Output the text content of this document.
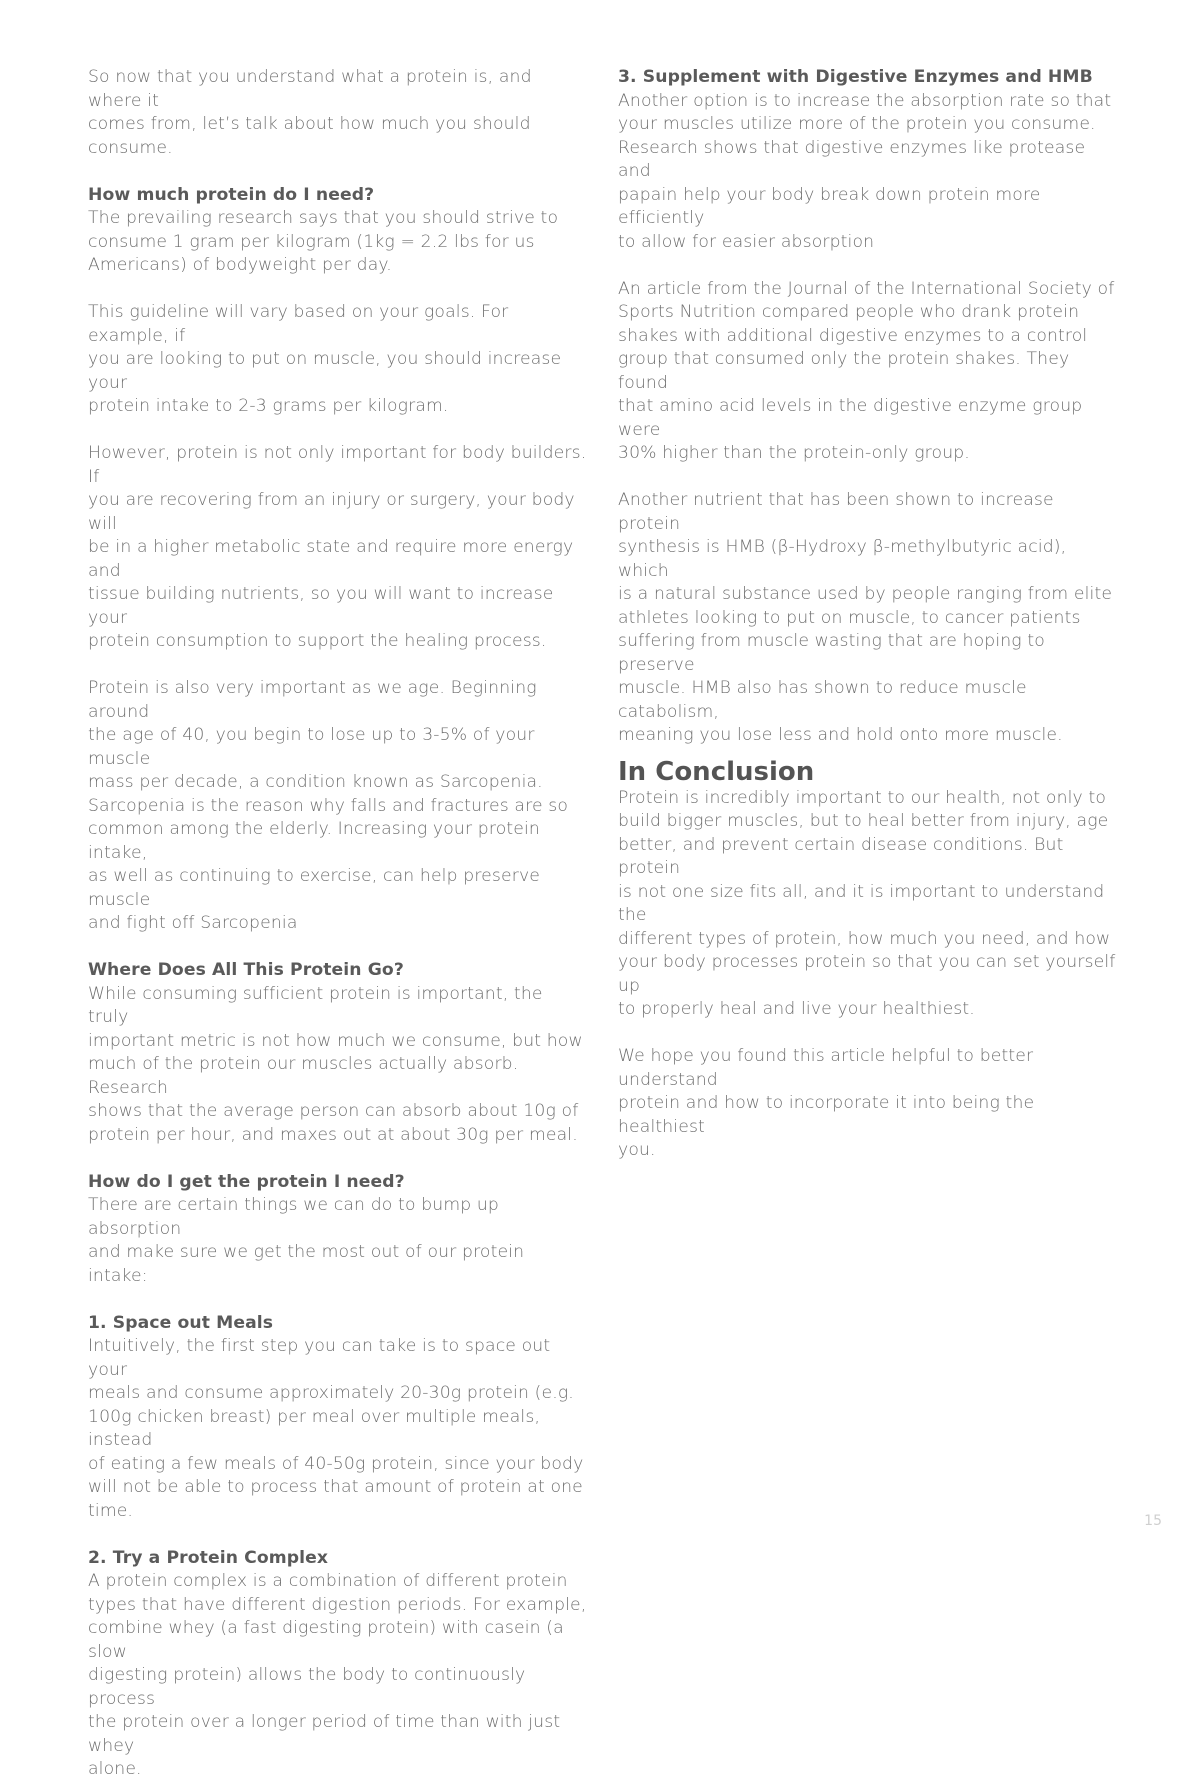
So now that you understand what a protein is, and where it
comes from, let’s talk about how much you should
consume.

How much protein do I need?

The prevailing research says that you should strive to
consume 1 gram per kilogram (1kg = 2.2 lbs for us
Americans) of bodyweight per day.

This guideline will vary based on your goals. For example, if
you are looking to put on muscle, you should increase your
protein intake to 2-3 grams per kilogram.

However, protein is not only important for body builders. If
you are recovering from an injury or surgery, your body will
be in a higher metabolic state and require more energy and
tissue building nutrients, so you will want to increase your
protein consumption to support the healing process.

Protein is also very important as we age. Beginning around
the age of 40, you begin to lose up to 3-5% of your muscle
mass per decade, a condition known as Sarcopenia.
Sarcopenia is the reason why falls and fractures are so
common among the elderly. Increasing your protein intake,
as well as continuing to exercise, can help preserve muscle
and fight off Sarcopenia

Where Does All This Protein Go?

While consuming sufficient protein is important, the truly
important metric is not how much we consume, but how
much of the protein our muscles actually absorb. Research
shows that the average person can absorb about 10g of
protein per hour, and maxes out at about 30g per meal.

How do I get the protein I need?

There are certain things we can do to bump up absorption
and make sure we get the most out of our protein intake:

1. Space out Meals

Intuitively, the first step you can take is to space out your
meals and consume approximately 20-30g protein (e.g.
100g chicken breast) per meal over multiple meals, instead
of eating a few meals of 40-50g protein, since your body
will not be able to process that amount of protein at one
time.

2. Try a Protein Complex

A protein complex is a combination of different protein
types that have different digestion periods. For example,
combine whey (a fast digesting protein) with casein (a slow
digesting protein) allows the body to continuously process
the protein over a longer period of time than with just whey
alone.

3. Supplement with Digestive Enzymes and HMB

Another option is to increase the absorption rate so that
your muscles utilize more of the protein you consume.
Research shows that digestive enzymes like protease and
papain help your body break down protein more efficiently
to allow for easier absorption

An article from the Journal of the International Society of
Sports Nutrition compared people who drank protein
shakes with additional digestive enzymes to a control
group that consumed only the protein shakes. They found
that amino acid levels in the digestive enzyme group were
30% higher than the protein-only group.

Another nutrient that has been shown to increase protein
synthesis is HMB (β-Hydroxy β-methylbutyric acid), which
is a natural substance used by people ranging from elite
athletes looking to put on muscle, to cancer patients
suffering from muscle wasting that are hoping to preserve
muscle. HMB also has shown to reduce muscle catabolism,
meaning you lose less and hold onto more muscle.

In Conclusion

Protein is incredibly important to our health, not only to
build bigger muscles, but to heal better from injury, age
better, and prevent certain disease conditions. But protein
is not one size fits all, and it is important to understand the
different types of protein, how much you need, and how
your body processes protein so that you can set yourself up
to properly heal and live your healthiest.

We hope you found this article helpful to better understand
protein and how to incorporate it into being the healthiest
you.

15
